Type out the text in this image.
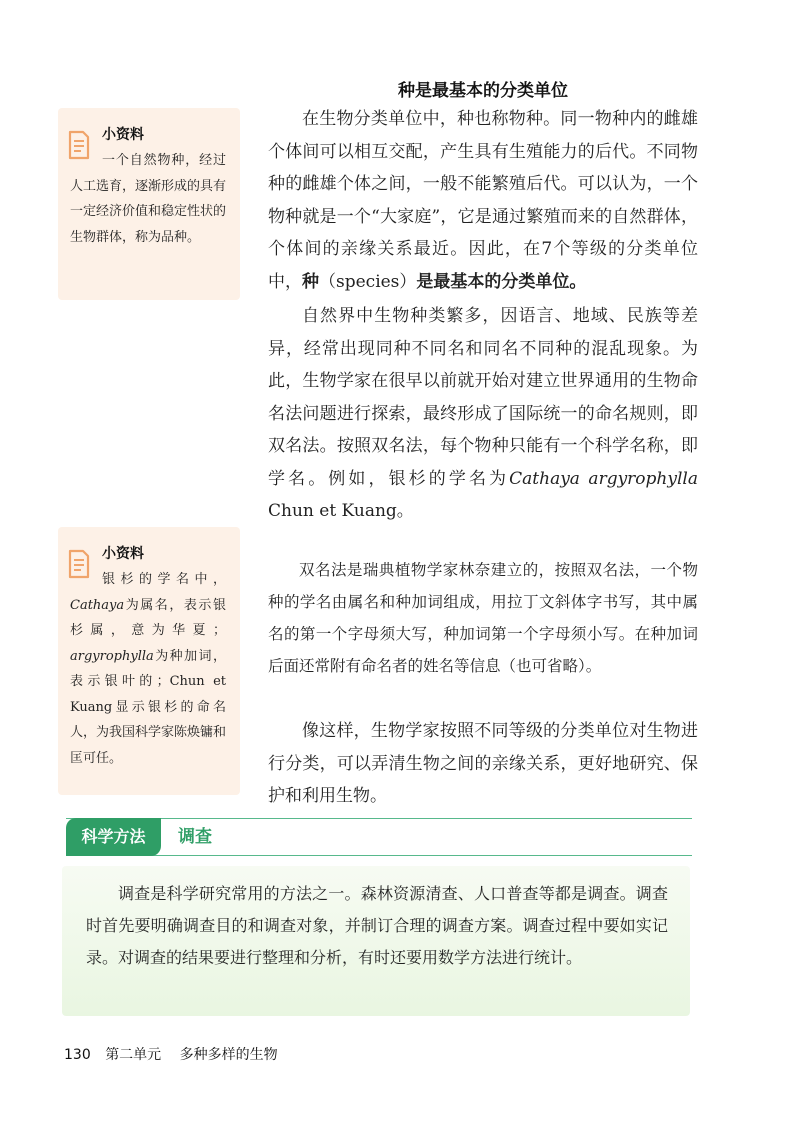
种是最基本的分类单位

在生物分类单位中，种也称物种。同一物种内的雌雄个体间可以相互交配，产生具有生殖能力的后代。不同物种的雌雄个体之间，一般不能繁殖后代。可以认为，一个物种就是一个“大家庭”，它是通过繁殖而来的自然群体，个体间的亲缘关系最近。因此，在7个等级的分类单位中，种（species）是最基本的分类单位。

自然界中生物种类繁多，因语言、地域、民族等差异，经常出现同种不同名和同名不同种的混乱现象。为此，生物学家在很早以前就开始对建立世界通用的生物命名法问题进行探索，最终形成了国际统一的命名规则，即双名法。按照双名法，每个物种只能有一个科学名称，即学名。例如，银杉的学名为Cathaya argyrophylla Chun et Kuang。

双名法是瑞典植物学家林奈建立的，按照双名法，一个物种的学名由属名和种加词组成，用拉丁文斜体字书写，其中属名的第一个字母须大写，种加词第一个字母须小写。在种加词后面还常附有命名者的姓名等信息（也可省略）。

像这样，生物学家按照不同等级的分类单位对生物进行分类，可以弄清生物之间的亲缘关系，更好地研究、保护和利用生物。

小资料
一个自然物种，经过人工选育，逐渐形成的具有一定经济价值和稳定性状的生物群体，称为品种。
小资料
银杉的学名中，Cathaya为属名，表示银杉属，意为华夏；argyrophylla为种加词，表示银叶的；Chun et Kuang显示银杉的命名人，为我国科学家陈焕镛和匡可任。
科学方法	调查
调查是科学研究常用的方法之一。森林资源清查、人口普查等都是调查。调查时首先要明确调查目的和调查对象，并制订合理的调查方案。调查过程中要如实记录。对调查的结果要进行整理和分析，有时还要用数学方法进行统计。
130 第二单元 多种多样的生物
